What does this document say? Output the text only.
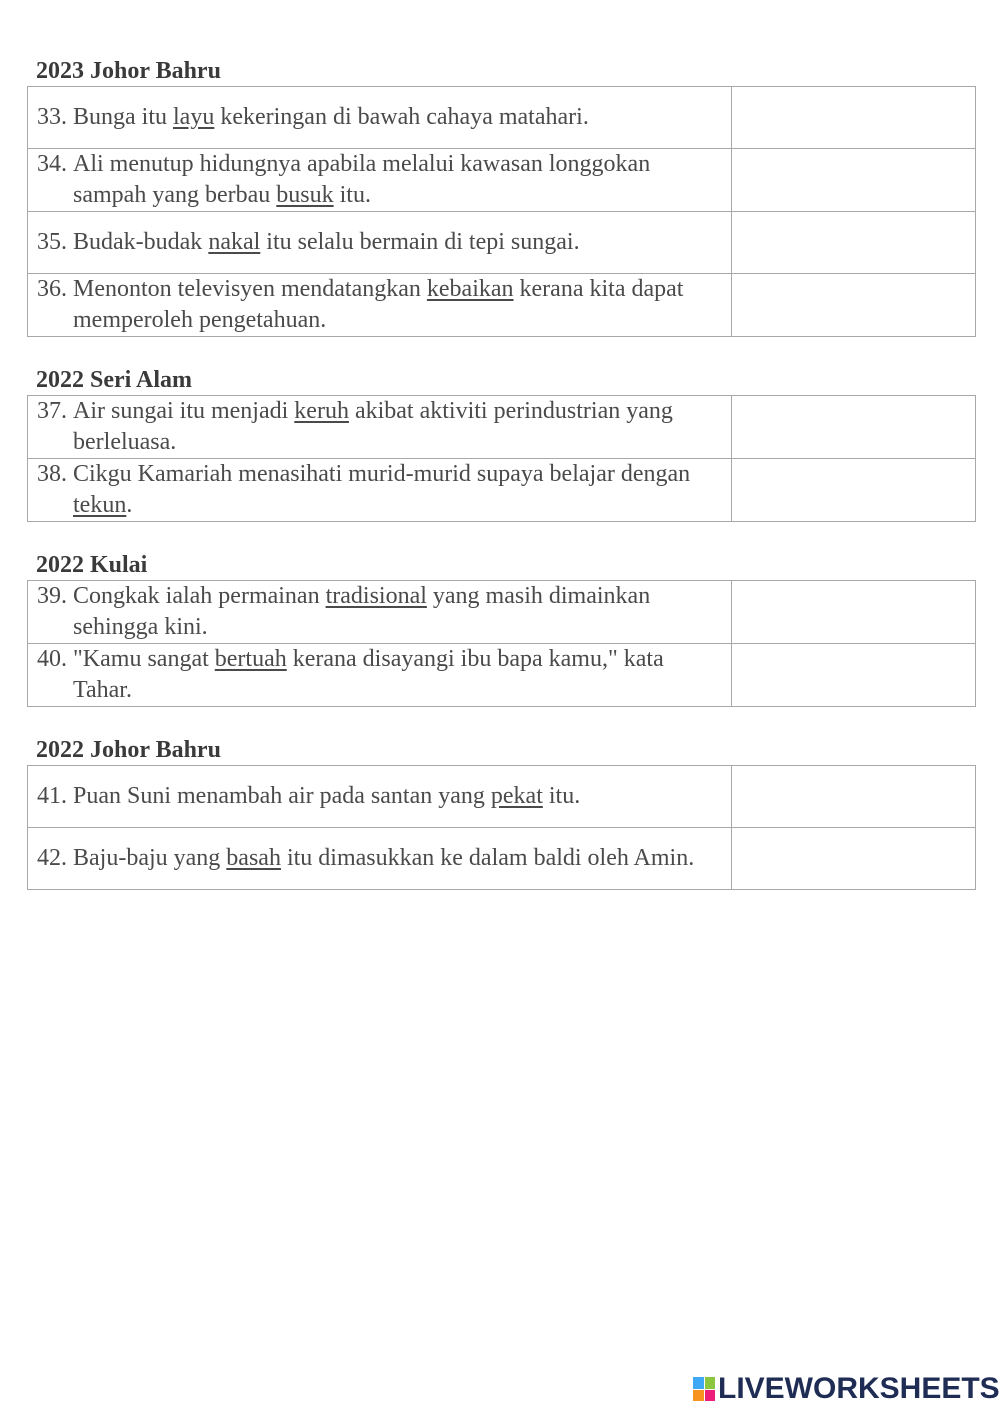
2023 Johor Bahru
33. Bunga itu layu kekeringan di bawah cahaya matahari.	

34. Ali menutup hidungnya apabila melalui kawasan longgokan sampah yang berbau busuk itu.	

35. Budak-budak nakal itu selalu bermain di tepi sungai.	

36. Menonton televisyen mendatangkan kebaikan kerana kita dapat memperoleh pengetahuan.	

2022 Seri Alam
37. Air sungai itu menjadi keruh akibat aktiviti perindustrian yang berleluasa.	

38. Cikgu Kamariah menasihati murid-murid supaya belajar dengan tekun.	

2022 Kulai
39. Congkak ialah permainan tradisional yang masih dimainkan sehingga kini.	

40. "Kamu sangat bertuah kerana disayangi ibu bapa kamu," kata Tahar.	

2022 Johor Bahru
41. Puan Suni menambah air pada santan yang pekat itu.	

42. Baju-baju yang basah itu dimasukkan ke dalam baldi oleh Amin.	

LIVEWORKSHEETS
